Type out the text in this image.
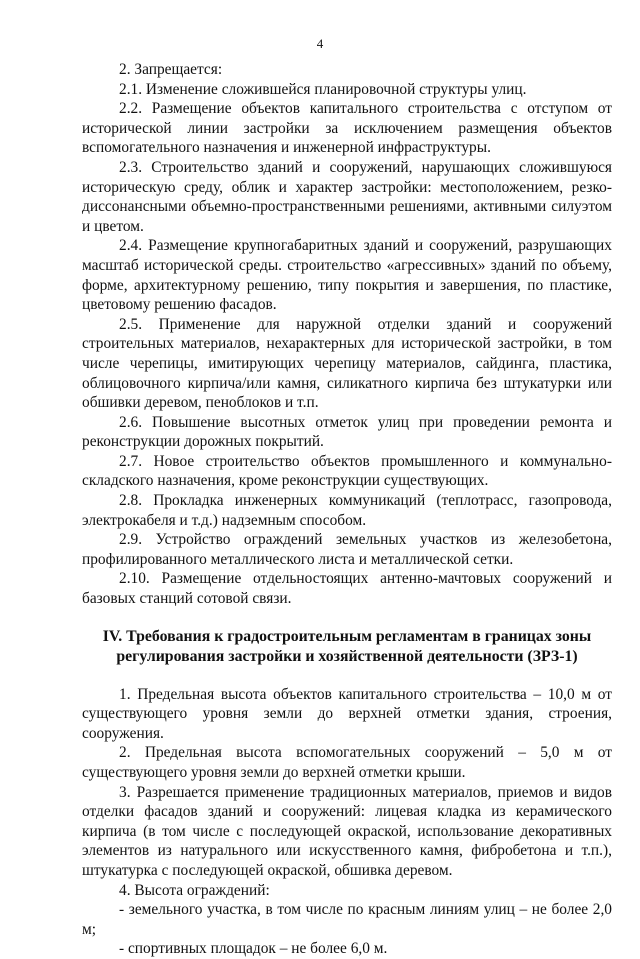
4

2. Запрещается:

2.1. Изменение сложившейся планировочной структуры улиц.

2.2. Размещение объектов капитального строительства с отступом от исторической линии застройки за исключением размещения объектов вспомогательного назначения и инженерной инфраструктуры.

2.3. Строительство зданий и сооружений, нарушающих сложившуюся историческую среду, облик и характер застройки: местоположением, резко-диссонансными объемно-пространственными решениями, активными силуэтом и цветом.

2.4. Размещение крупногабаритных зданий и сооружений, разрушающих масштаб исторической среды. строительство «агрессивных» зданий по объему, форме, архитектурному решению, типу покрытия и завершения, по пластике, цветовому решению фасадов.

2.5. Применение для наружной отделки зданий и сооружений строительных материалов, нехарактерных для исторической застройки, в том числе черепицы, имитирующих черепицу материалов, сайдинга, пластика, облицовочного кирпича/или камня, силикатного кирпича без штукатурки или обшивки деревом, пеноблоков и т.п.

2.6. Повышение высотных отметок улиц при проведении ремонта и реконструкции дорожных покрытий.

2.7. Новое строительство объектов промышленного и коммунально-складского назначения, кроме реконструкции существующих.

2.8. Прокладка инженерных коммуникаций (теплотрасс, газопровода, электрокабеля и т.д.) надземным способом.

2.9. Устройство ограждений земельных участков из железобетона, профилированного металлического листа и металлической сетки.

2.10. Размещение отдельностоящих антенно-мачтовых сооружений и базовых станций сотовой связи.

IV. Требования к градостроительным регламентам в границах зоны
регулирования застройки и хозяйственной деятельности (ЗРЗ-1)

1. Предельная высота объектов капитального строительства – 10,0 м от существующего уровня земли до верхней отметки здания, строения, сооружения.

2. Предельная высота вспомогательных сооружений – 5,0 м от существующего уровня земли до верхней отметки крыши.

3. Разрешается применение традиционных материалов, приемов и видов отделки фасадов зданий и сооружений: лицевая кладка из керамического кирпича (в том числе с последующей окраской, использование декоративных элементов из натурального или искусственного камня, фибробетона и т.п.), штукатурка с последующей окраской, обшивка деревом.

4. Высота ограждений:

- земельного участка, в том числе по красным линиям улиц – не более 2,0 м;

- спортивных площадок – не более 6,0 м.
